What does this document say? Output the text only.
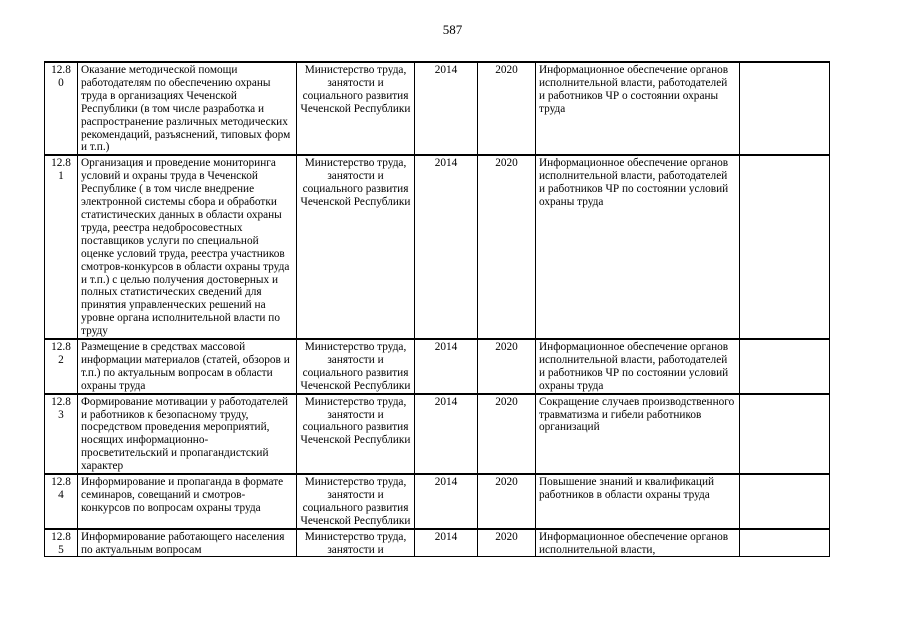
587
12.8
0	Оказание методической помощи работодателям по обеспечению охраны труда в организациях Чеченской Республики (в том числе разработка и распространение различных методических рекомендаций, разъяснений, типовых форм и т.п.)	Министерство труда, занятости и социального развития Чеченской Республики	2014	2020	Информационное обеспечение органов исполнительной власти, работодателей и работников ЧР о состоянии охраны труда	

12.8
1	Организация и проведение мониторинга условий и охраны труда в Чеченской Республике ( в том числе внедрение электронной системы сбора и обработки статистических данных в области охраны труда, реестра недобросовестных поставщиков услуги по специальной оценке условий труда, реестра участников смотров-конкурсов в области охраны труда и т.п.) с целью получения достоверных и полных статистических сведений для принятия управленческих решений на уровне органа исполнительной власти по труду	Министерство труда, занятости и социального развития Чеченской Республики	2014	2020	Информационное обеспечение органов исполнительной власти, работодателей и работников ЧР по состоянии условий охраны труда	

12.8
2	Размещение в средствах массовой информации материалов (статей, обзоров и т.п.) по актуальным вопросам в области охраны труда	Министерство труда, занятости и социального развития Чеченской Республики	2014	2020	Информационное обеспечение органов исполнительной власти, работодателей и работников ЧР по состоянии условий охраны труда	

12.8
3	Формирование мотивации у работодателей и работников к безопасному труду, посредством проведения мероприятий, носящих информационно-просветительский и пропагандистский характер	Министерство труда, занятости и социального развития Чеченской Республики	2014	2020	Сокращение случаев производственного травматизма и гибели работников организаций	

12.8
4	Информирование и пропаганда в формате семинаров, совещаний и смотров-конкурсов по вопросам охраны труда	Министерство труда, занятости и социального развития Чеченской Республики	2014	2020	Повышение знаний и квалификаций работников в области охраны труда	

12.8
5	Информирование работающего населения по актуальным вопросам	Министерство труда, занятости и	2014	2020	Информационное обеспечение органов исполнительной власти,	
